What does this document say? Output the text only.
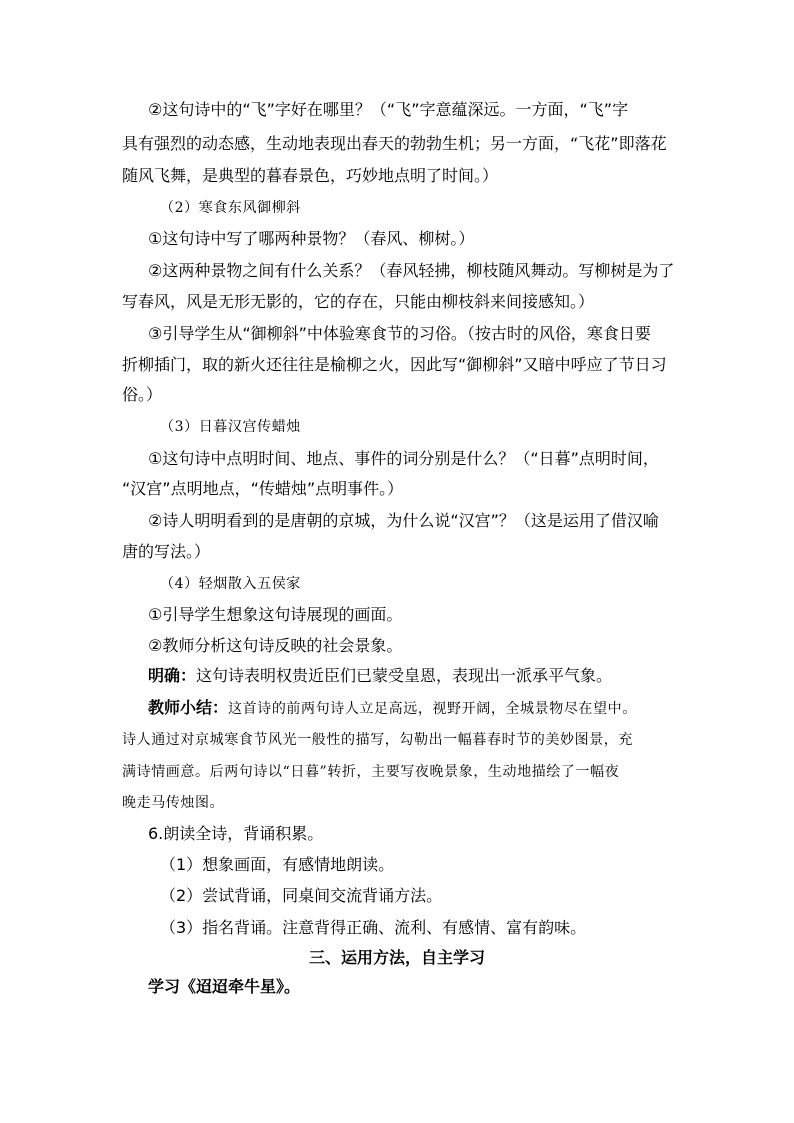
②这句诗中的“飞”字好在哪里？（“飞”字意蕴深远。一方面，“飞”字
具有强烈的动态感，生动地表现出春天的勃勃生机；另一方面，“飞花”即落花
随风飞舞，是典型的暮春景色，巧妙地点明了时间。）
（2）寒食东风御柳斜
①这句诗中写了哪两种景物？（春风、柳树。）
②这两种景物之间有什么关系？（春风轻拂，柳枝随风舞动。写柳树是为了
写春风，风是无形无影的，它的存在，只能由柳枝斜来间接感知。）
③引导学生从“御柳斜”中体验寒食节的习俗。（按古时的风俗，寒食日要
折柳插门，取的新火还往往是榆柳之火，因此写“御柳斜”又暗中呼应了节日习
俗。）
（3）日暮汉宫传蜡烛
①这句诗中点明时间、地点、事件的词分别是什么？（“日暮”点明时间，
“汉宫”点明地点，“传蜡烛”点明事件。）
②诗人明明看到的是唐朝的京城，为什么说“汉宫”？（这是运用了借汉喻
唐的写法。）
（4）轻烟散入五侯家
①引导学生想象这句诗展现的画面。
②教师分析这句诗反映的社会景象。
明确：这句诗表明权贵近臣们已蒙受皇恩，表现出一派承平气象。
教师小结：这首诗的前两句诗人立足高远，视野开阔，全城景物尽在望中。
诗人通过对京城寒食节风光一般性的描写，勾勒出一幅暮春时节的美妙图景，充
满诗情画意。后两句诗以“日暮”转折，主要写夜晚景象，生动地描绘了一幅夜
晚走马传烛图。
6.朗读全诗，背诵积累。
（1）想象画面，有感情地朗读。
（2）尝试背诵，同桌间交流背诵方法。
（3）指名背诵。注意背得正确、流利、有感情、富有韵味。
三、运用方法，自主学习
学习《迢迢牵牛星》。
